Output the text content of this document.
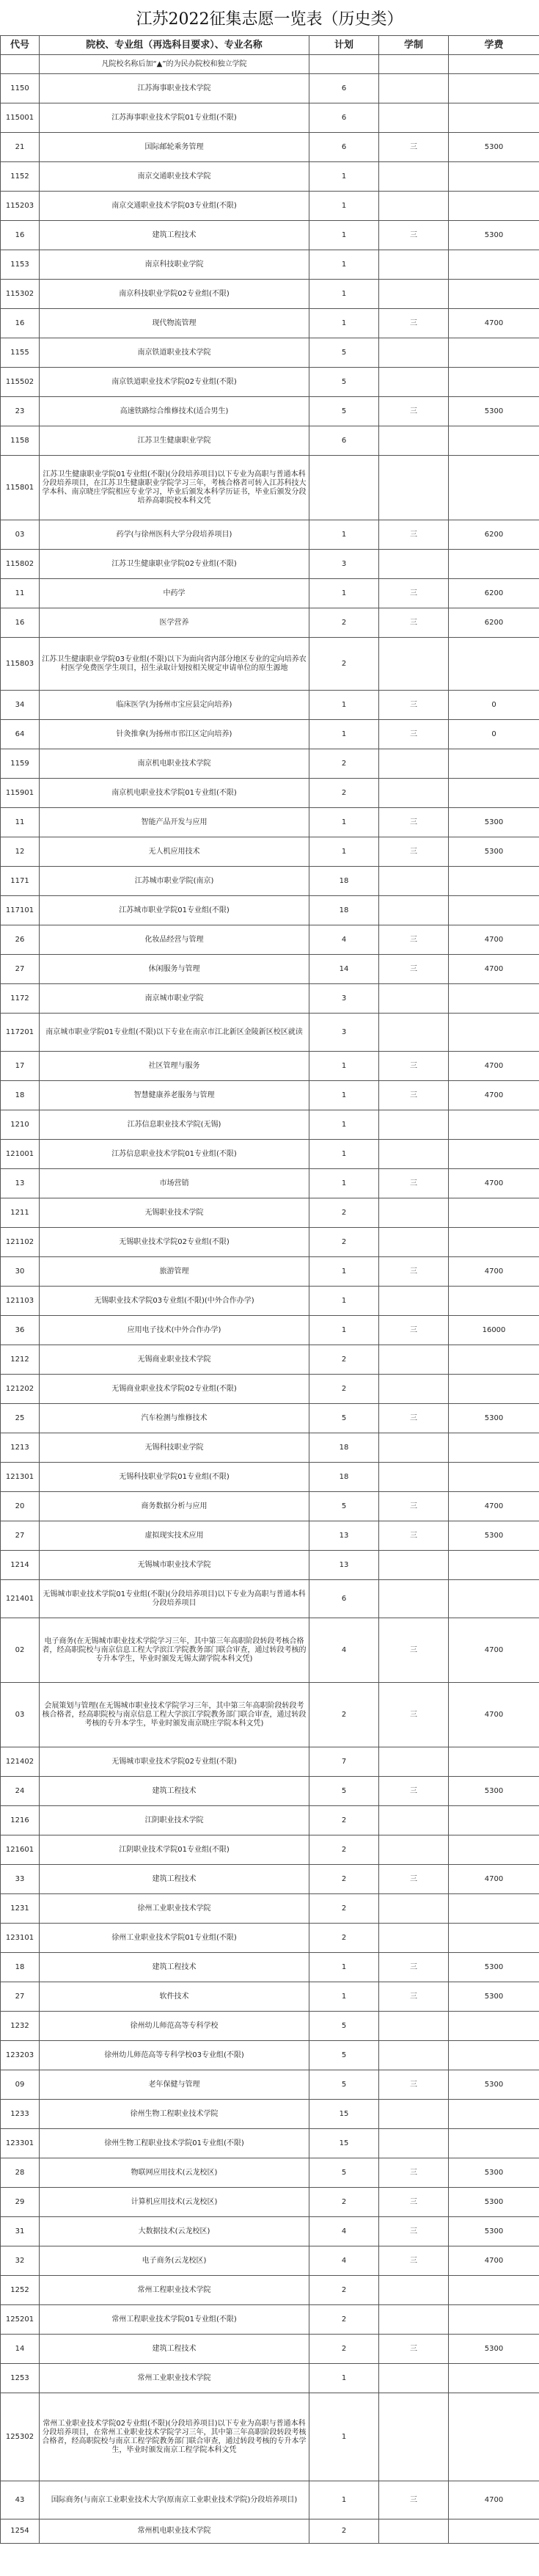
江苏2022征集志愿一览表（历史类）
代号	院校、专业组（再选科目要求）、专业名称	计划	学制	学费
	凡院校名称后加“▲”的为民办院校和独立学院			
1150	江苏海事职业技术学院	6		
115001	江苏海事职业技术学院01专业组(不限)	6		
21	国际邮轮乘务管理	6	三	5300
1152	南京交通职业技术学院	1		
115203	南京交通职业技术学院03专业组(不限)	1		
16	建筑工程技术	1	三	5300
1153	南京科技职业学院	1		
115302	南京科技职业学院02专业组(不限)	1		
16	现代物流管理	1	三	4700
1155	南京铁道职业技术学院	5		
115502	南京铁道职业技术学院02专业组(不限)	5		
23	高速铁路综合维修技术(适合男生)	5	三	5300
1158	江苏卫生健康职业学院	6		
115801	江苏卫生健康职业学院01专业组(不限)(分段培养项目)以下专业为高职与普通本科分段培养项目，在江苏卫生健康职业学院学习三年，考核合格者可转入江苏科技大学本科、南京晓庄学院相应专业学习，毕业后颁发本科学历证书，毕业后颁发分段培养高职院校本科文凭			
03	药学(与徐州医科大学分段培养项目)	1	三	6200
115802	江苏卫生健康职业学院02专业组(不限)	3		
11	中药学	1	三	6200
16	医学营养	2	三	6200
115803	江苏卫生健康职业学院03专业组(不限)以下为面向省内部分地区专业的定向培养农村医学免费医学生项目，招生录取计划按相关规定申请单位的原生源地	2		
34	临床医学(为扬州市宝应县定向培养)	1	三	0
64	针灸推拿(为扬州市邗江区定向培养)	1	三	0
1159	南京机电职业技术学院	2		
115901	南京机电职业技术学院01专业组(不限)	2		
11	智能产品开发与应用	1	三	5300
12	无人机应用技术	1	三	5300
1171	江苏城市职业学院(南京)	18		
117101	江苏城市职业学院01专业组(不限)	18		
26	化妆品经营与管理	4	三	4700
27	休闲服务与管理	14	三	4700
1172	南京城市职业学院	3		
117201	南京城市职业学院01专业组(不限)以下专业在南京市江北新区金陵新区校区就读	3		
17	社区管理与服务	1	三	4700
18	智慧健康养老服务与管理	1	三	4700
1210	江苏信息职业技术学院(无锡)	1		
121001	江苏信息职业技术学院01专业组(不限)	1		
13	市场营销	1	三	4700
1211	无锡职业技术学院	2		
121102	无锡职业技术学院02专业组(不限)	2		
30	旅游管理	1	三	4700
121103	无锡职业技术学院03专业组(不限)(中外合作办学)	1		
36	应用电子技术(中外合作办学)	1	三	16000
1212	无锡商业职业技术学院	2		
121202	无锡商业职业技术学院02专业组(不限)	2		
25	汽车检测与维修技术	5	三	5300
1213	无锡科技职业学院	18		
121301	无锡科技职业学院01专业组(不限)	18		
20	商务数据分析与应用	5	三	4700
27	虚拟现实技术应用	13	三	5300
1214	无锡城市职业技术学院	13		
121401	无锡城市职业技术学院01专业组(不限)(分段培养项目)以下专业为高职与普通本科分段培养项目	6		
02	电子商务(在无锡城市职业技术学院学习三年，其中第三年高职阶段转段考核合格者，经高职院校与南京信息工程大学滨江学院教务部门联合审查，通过转段考核的专升本学生，毕业时颁发无锡太湖学院本科文凭)	4	三	4700
03	会展策划与管理(在无锡城市职业技术学院学习三年，其中第三年高职阶段转段考核合格者，经高职院校与南京信息工程大学滨江学院教务部门联合审查，通过转段考核的专升本学生，毕业时颁发南京晓庄学院本科文凭)	2	三	4700
121402	无锡城市职业技术学院02专业组(不限)	7		
24	建筑工程技术	5	三	5300
1216	江阴职业技术学院	2		
121601	江阴职业技术学院01专业组(不限)	2		
33	建筑工程技术	2	三	4700
1231	徐州工业职业技术学院	2		
123101	徐州工业职业技术学院01专业组(不限)	2		
18	建筑工程技术	1	三	5300
27	软件技术	1	三	5300
1232	徐州幼儿师范高等专科学校	5		
123203	徐州幼儿师范高等专科学校03专业组(不限)	5		
09	老年保健与管理	5	三	5300
1233	徐州生物工程职业技术学院	15		
123301	徐州生物工程职业技术学院01专业组(不限)	15		
28	物联网应用技术(云龙校区)	5	三	5300
29	计算机应用技术(云龙校区)	2	三	5300
31	大数据技术(云龙校区)	4	三	5300
32	电子商务(云龙校区)	4	三	4700
1252	常州工程职业技术学院	2		
125201	常州工程职业技术学院01专业组(不限)	2		
14	建筑工程技术	2	三	5300
1253	常州工业职业技术学院	1		
125302	常州工业职业技术学院02专业组(不限)(分段培养项目)以下专业为高职与普通本科分段培养项目，在常州工业职业技术学院学习三年，其中第三年高职阶段转段考核合格者，经高职院校与南京工程学院教务部门联合审查，通过转段考核的专升本学生，毕业时颁发南京工程学院本科文凭	1		
43	国际商务(与南京工业职业技术大学(原南京工业职业技术学院)分段培养项目)	1	三	4700
1254	常州机电职业技术学院	2		
